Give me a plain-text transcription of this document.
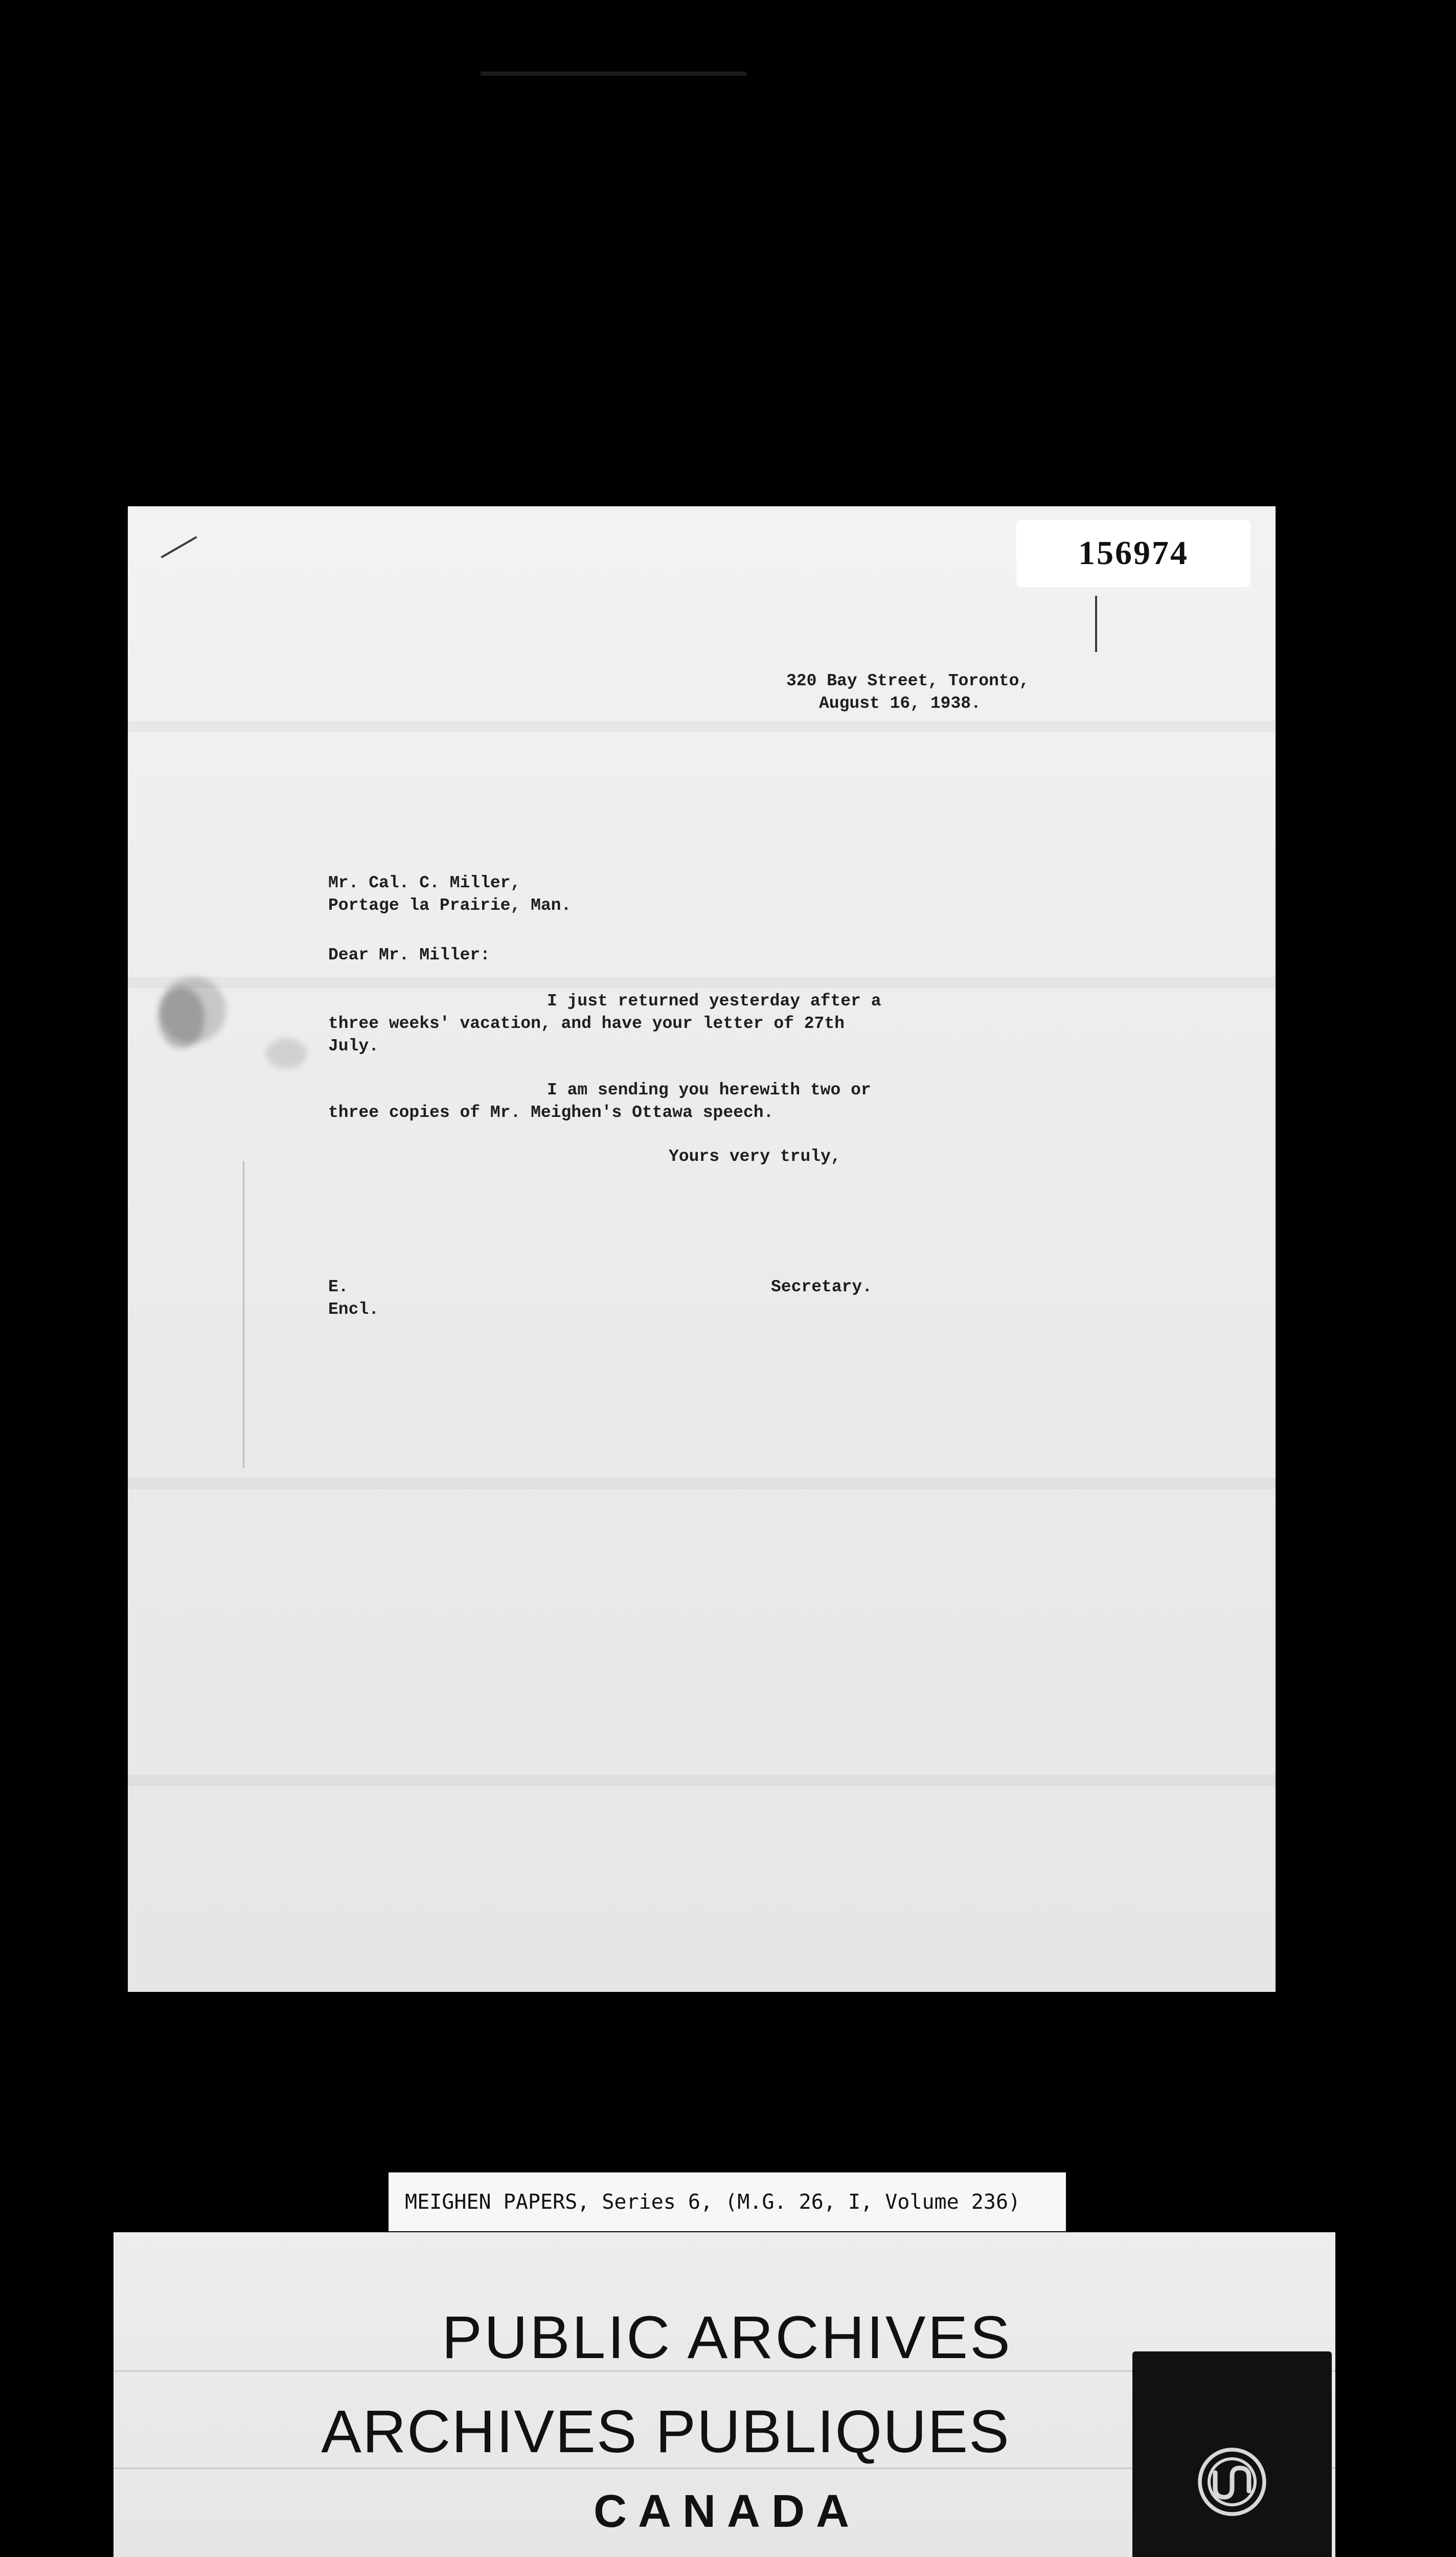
156974
320 Bay Street, Toronto,
August 16, 1938.
Mr. Cal. C. Miller,
Portage la Prairie, Man.
Dear Mr. Miller:
I just returned yesterday after a
three weeks' vacation, and have your letter of 27th
July.
I am sending you herewith two or
three copies of Mr. Meighen's Ottawa speech.
Yours very truly,
E.	Secretary.
Encl.
MEIGHEN PAPERS, Series 6, (M.G. 26, I, Volume 236)
PUBLIC ARCHIVES
ARCHIVES PUBLIQUES
CANADA
